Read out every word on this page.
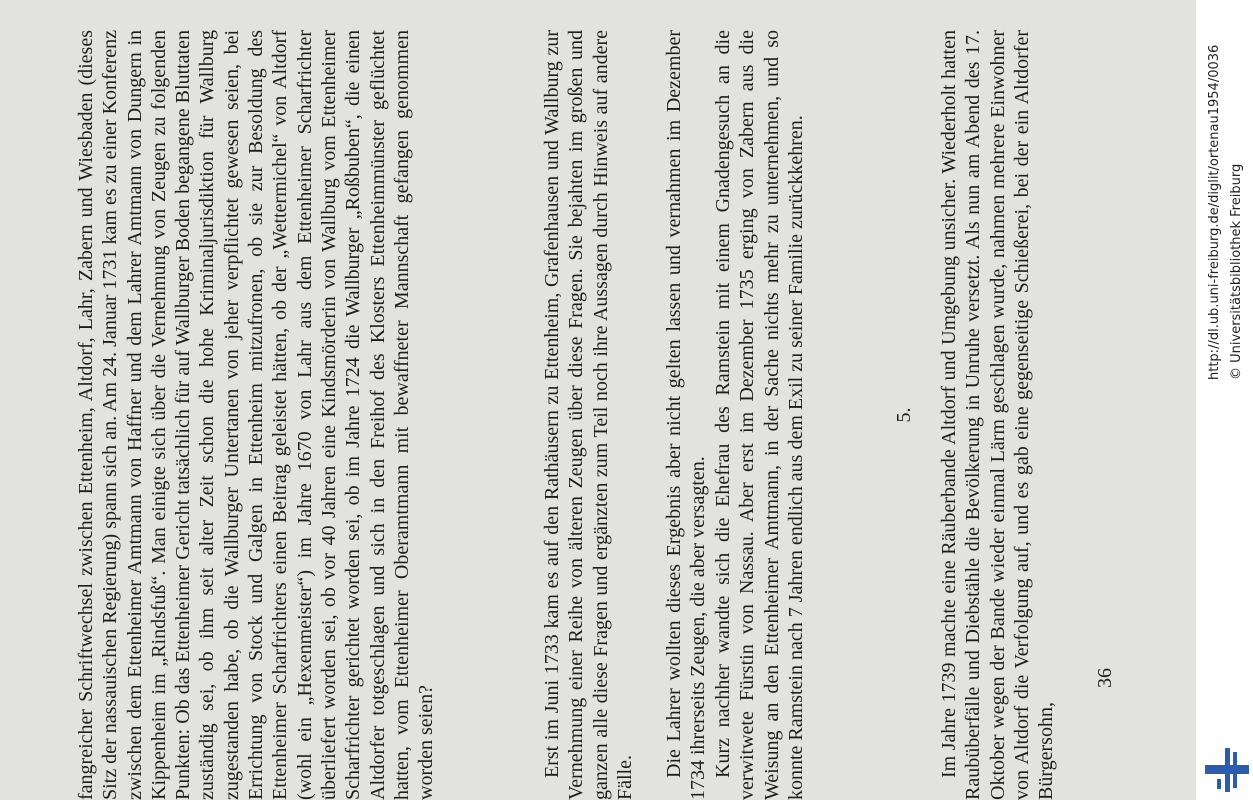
fangreicher Schriftwechsel zwischen Ettenheim, Altdorf, Lahr, Zabern und Wiesbaden (dieses Sitz der nassauischen Regierung) spann sich an. Am 24. Januar 1731 kam es zu einer Konferenz zwischen dem Ettenheimer Amtmann von Haffner und dem Lahrer Amtmann von Dungern in Kippenheim im „Rindsfuß“. Man einigte sich über die Vernehmung von Zeugen zu folgenden Punkten: Ob das Ettenheimer Gericht tatsächlich für auf Wallburger Boden begangene Bluttaten zuständig sei, ob ihm seit alter Zeit schon die hohe Kriminaljurisdiktion für Wallburg zugestanden habe, ob die Wallburger Untertanen von jeher verpflichtet gewesen seien, bei Errichtung von Stock und Galgen in Ettenheim mitzufronen, ob sie zur Besoldung des Ettenheimer Scharfrichters einen Beitrag geleistet hätten, ob der „Wettermichel“ von Altdorf (wohl ein „Hexenmeister“) im Jahre 1670 von Lahr aus dem Ettenheimer Scharfrichter überliefert worden sei, ob vor 40 Jahren eine Kindsmörderin von Wallburg vom Ettenheimer Scharfrichter gerichtet worden sei, ob im Jahre 1724 die Wallburger „Roßbuben“, die einen Altdorfer totgeschlagen und sich in den Freihof des Klosters Ettenheimmünster geflüchtet hatten, vom Ettenheimer Oberamtmann mit bewaffneter Mannschaft gefangen genommen worden seien?	Erst im Juni 1733 kam es auf den Rathäusern zu Ettenheim, Grafenhausen und Wallburg zur Vernehmung einer Reihe von älteren Zeugen über diese Fragen. Sie bejahten im großen und ganzen alle diese Fragen und ergänzten zum Teil noch ihre Aussagen durch Hinweis auf andere Fälle. Die Lahrer wollten dieses Ergebnis aber nicht gelten lassen und vernahmen im Dezember 1734 ihrerseits Zeugen, die aber versagten. Kurz nachher wandte sich die Ehefrau des Ramstein mit einem Gnadengesuch an die verwitwete Fürstin von Nassau. Aber erst im Dezember 1735 erging von Zabern aus die Weisung an den Ettenheimer Amtmann, in der Sache nichts mehr zu unternehmen, und so konnte Ramstein nach 7 Jahren endlich aus dem Exil zu seiner Familie zurückkehren.	5. Im Jahre 1739 machte eine Räuberbande Altdorf und Umgebung unsicher. Wiederholt hatten Raubüberfälle und Diebstähle die Bevölkerung in Unruhe versetzt. Als nun am Abend des 17. Oktober wegen der Bande wieder einmal Lärm geschlagen wurde, nahmen mehrere Einwohner von Altdorf die Verfolgung auf, und es gab eine gegenseitige Schießerei, bei der ein Altdorfer Bürgersohn,

36
http://dl.ub.uni-freiburg.de/diglit/ortenau1954/0036 © Universitätsbibliothek Freiburg
